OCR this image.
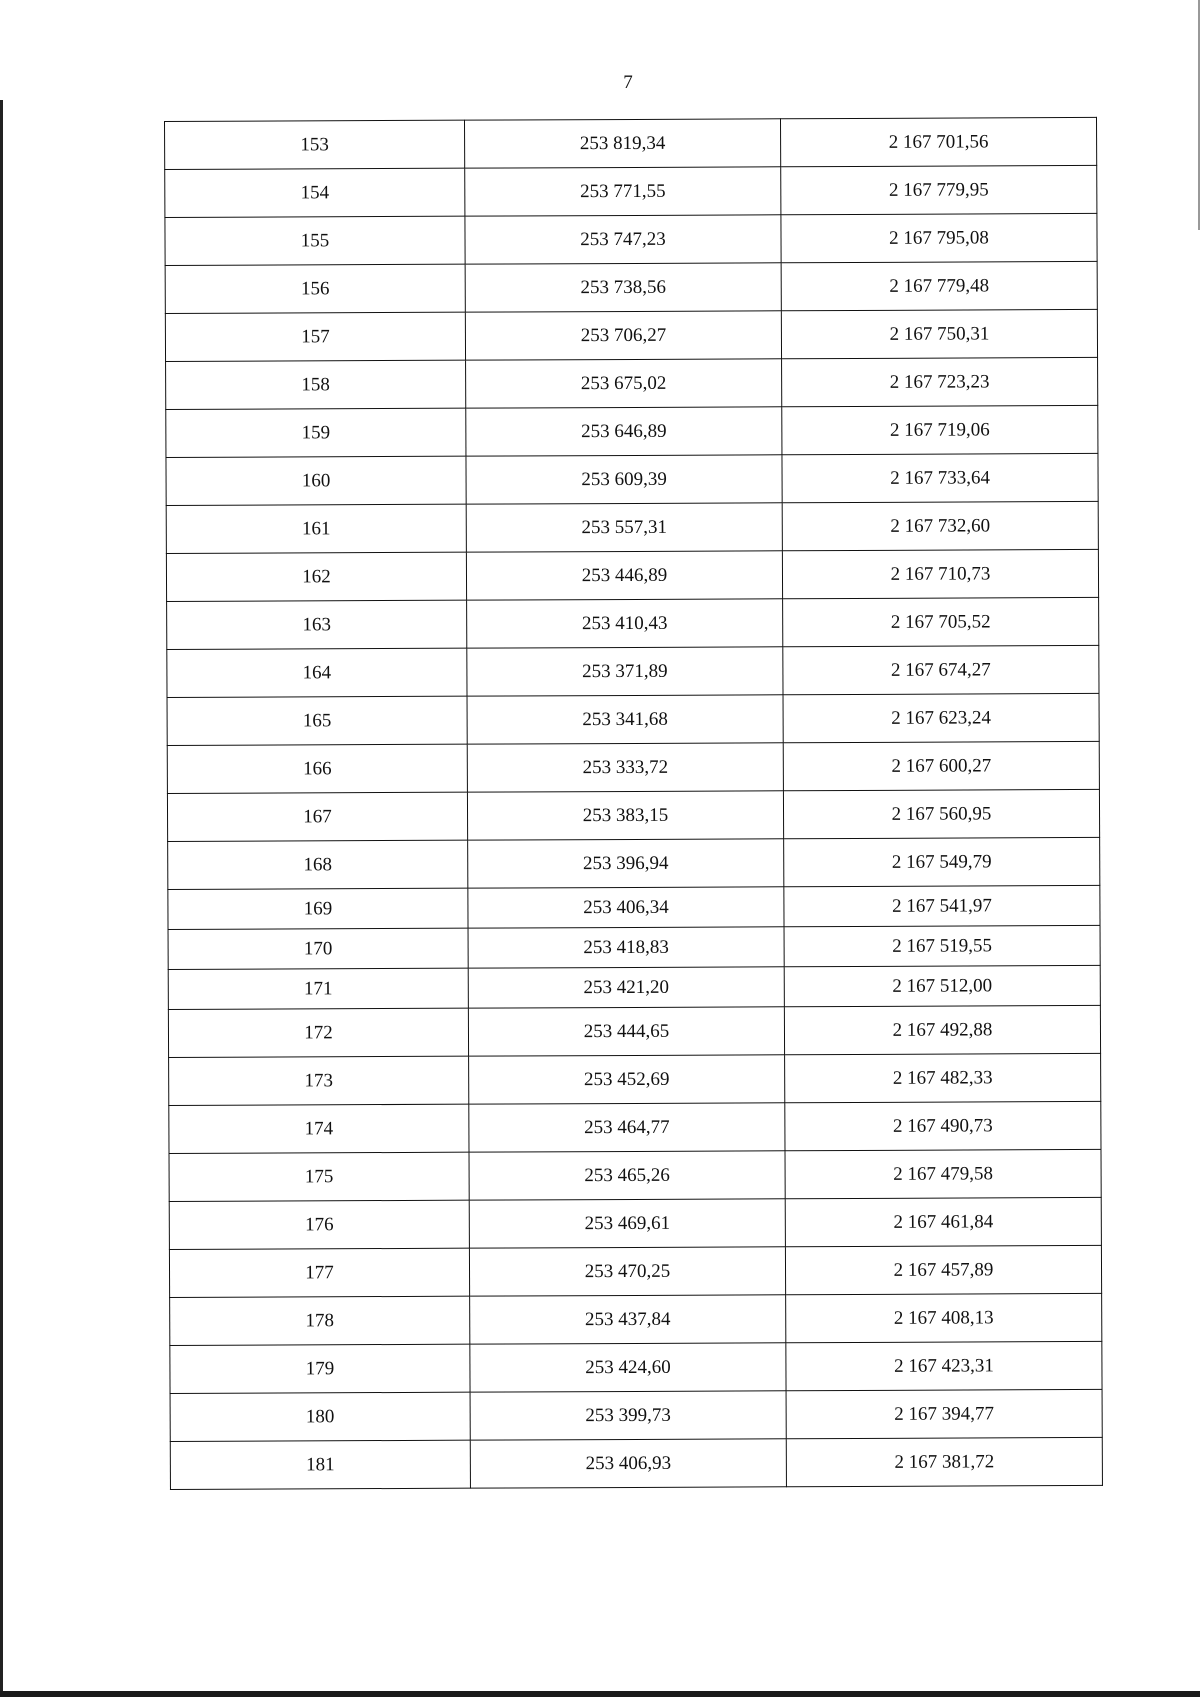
7
153	253 819,34	2 167 701,56
154	253 771,55	2 167 779,95
155	253 747,23	2 167 795,08
156	253 738,56	2 167 779,48
157	253 706,27	2 167 750,31
158	253 675,02	2 167 723,23
159	253 646,89	2 167 719,06
160	253 609,39	2 167 733,64
161	253 557,31	2 167 732,60
162	253 446,89	2 167 710,73
163	253 410,43	2 167 705,52
164	253 371,89	2 167 674,27
165	253 341,68	2 167 623,24
166	253 333,72	2 167 600,27
167	253 383,15	2 167 560,95
168	253 396,94	2 167 549,79
169	253 406,34	2 167 541,97
170	253 418,83	2 167 519,55
171	253 421,20	2 167 512,00
172	253 444,65	2 167 492,88
173	253 452,69	2 167 482,33
174	253 464,77	2 167 490,73
175	253 465,26	2 167 479,58
176	253 469,61	2 167 461,84
177	253 470,25	2 167 457,89
178	253 437,84	2 167 408,13
179	253 424,60	2 167 423,31
180	253 399,73	2 167 394,77
181	253 406,93	2 167 381,72
